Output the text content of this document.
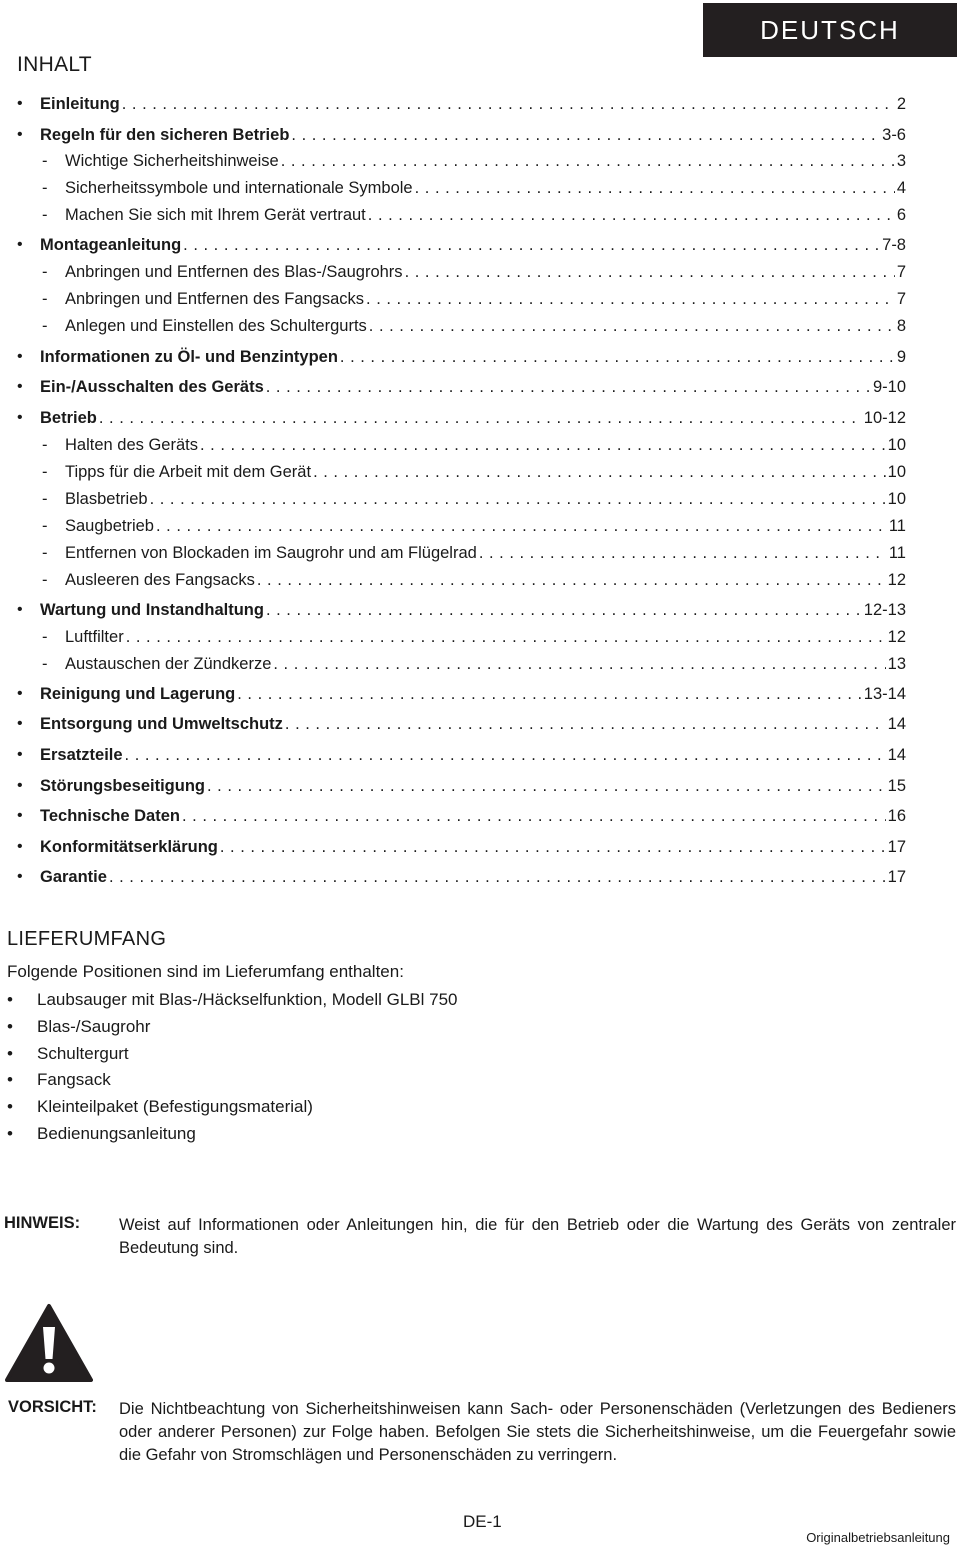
DEUTSCH
INHALT
•	Einleitung . . .	2
•	Regeln für den sicheren Betrieb . . .	3-6
-	Wichtige Sicherheitshinweise . . .	3
-	Sicherheitssymbole und internationale Symbole . . .	4
-	Machen Sie sich mit Ihrem Gerät vertraut . . .	6
•	Montageanleitung . . .	7-8
-	Anbringen und Entfernen des Blas-/Saugrohrs . . .	7
-	Anbringen und Entfernen des Fangsacks . . .	7
-	Anlegen und Einstellen des Schultergurts . . .	8
•	Informationen zu Öl- und Benzintypen . . .	9
•	Ein-/Ausschalten des Geräts . . .	9-10
•	Betrieb . . .	10-12
-	Halten des Geräts . . .	10
-	Tipps für die Arbeit mit dem Gerät . . .	10
-	Blasbetrieb . . .	10
-	Saugbetrieb . . .	11
-	Entfernen von Blockaden im Saugrohr und am Flügelrad . . .	11
-	Ausleeren des Fangsacks . . .	12
•	Wartung und Instandhaltung . . .	12-13
-	Luftfilter . . .	12
-	Austauschen der Zündkerze . . .	13
•	Reinigung und Lagerung . . .	13-14
•	Entsorgung und Umweltschutz . . .	14
•	Ersatzteile . . .	14
•	Störungsbeseitigung . . .	15
•	Technische Daten . . .	16
•	Konformitätserklärung . . .	17
•	Garantie . . .	17
LIEFERUMFANG
Folgende Positionen sind im Lieferumfang enthalten:
•	Laubsauger mit Blas-/Häckselfunktion, Modell GLBl 750
•	Blas-/Saugrohr
•	Schultergurt
•	Fangsack
•	Kleinteilpaket (Befestigungsmaterial)
•	Bedienungsanleitung
HINWEIS: Weist auf Informationen oder Anleitungen hin, die für den Betrieb oder die Wartung des Geräts von zentraler Bedeutung sind.
VORSICHT: Die Nichtbeachtung von Sicherheitshinweisen kann Sach- oder Personenschäden (Verletzungen des Bedieners oder anderer Personen) zur Folge haben. Befolgen Sie stets die Sicherheitshinweise, um die Feuergefahr sowie die Gefahr von Stromschlägen und Personenschäden zu verringern.
DE-1
Originalbetriebsanleitung
